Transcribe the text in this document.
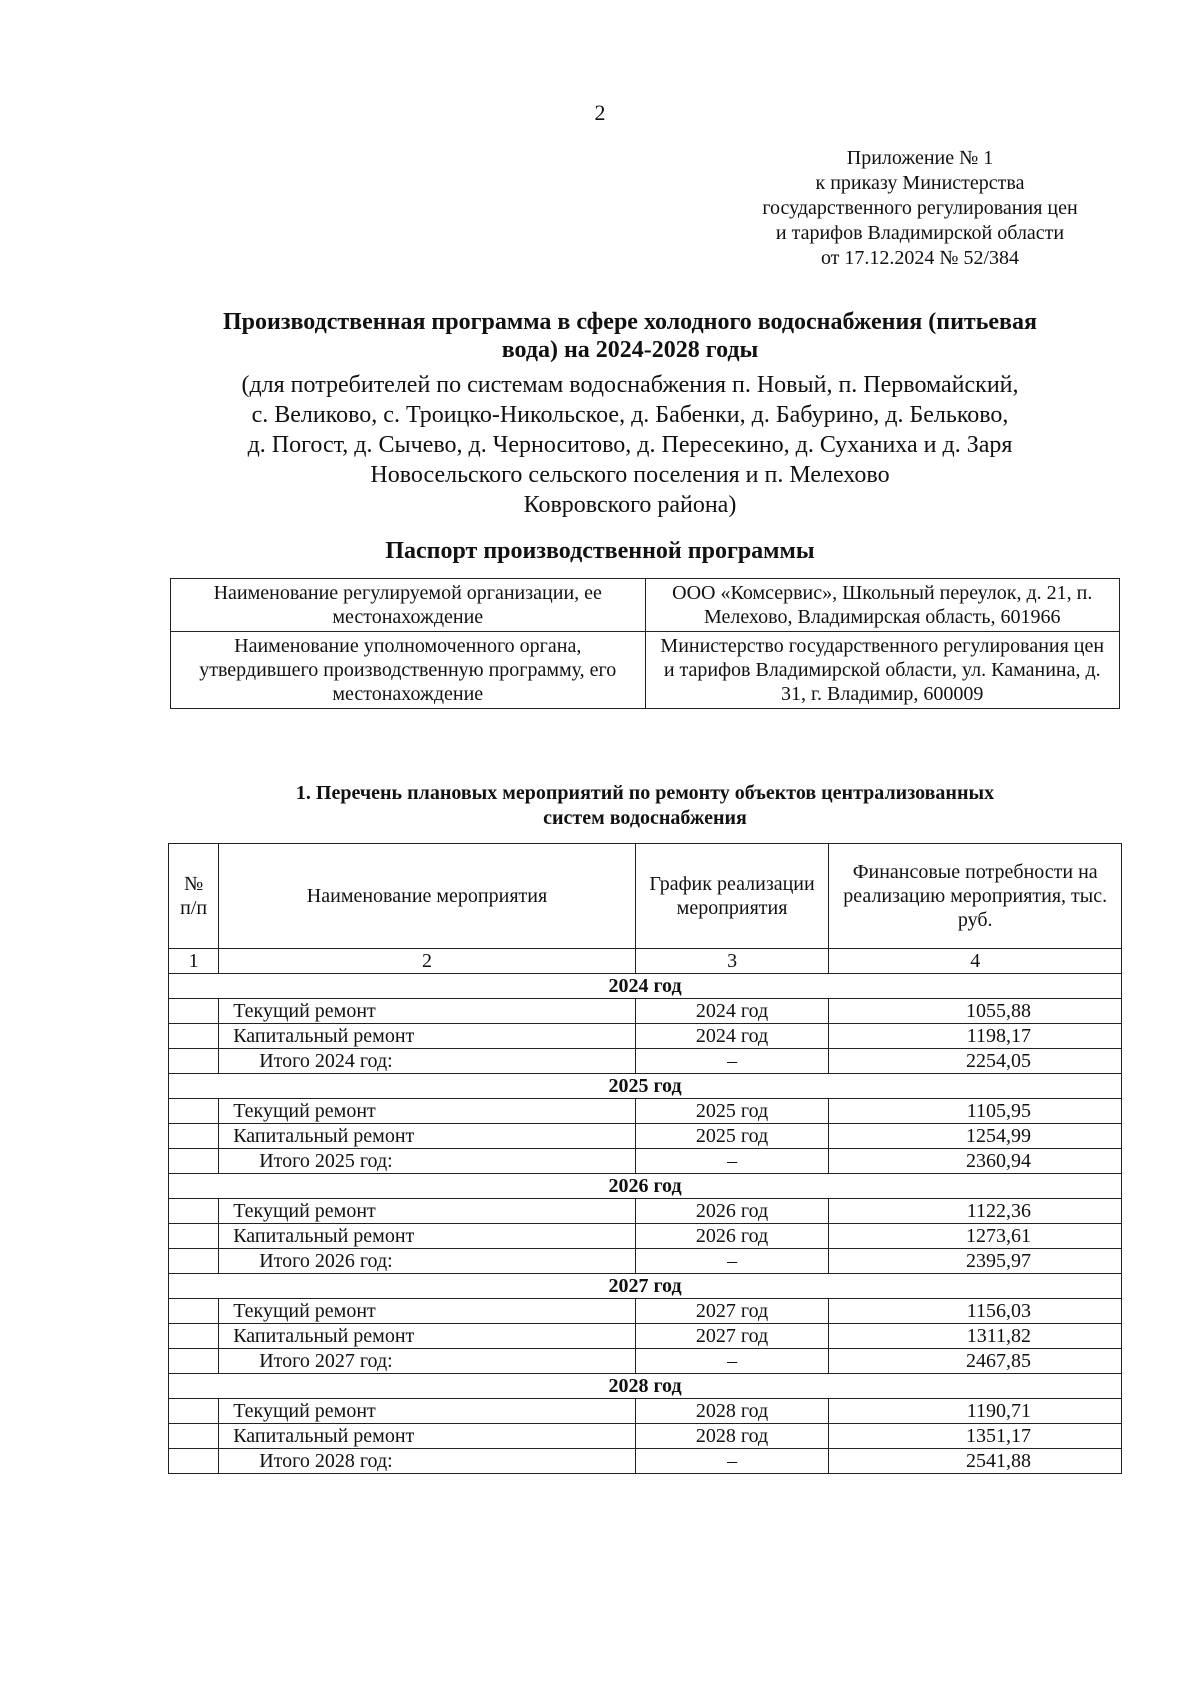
2
Приложение № 1
к приказу Министерства
государственного регулирования цен
и тарифов Владимирской области
от 17.12.2024 № 52/384
Производственная программа в сфере холодного водоснабжения (питьевая
вода) на 2024-2028 годы
(для потребителей по системам водоснабжения п. Новый, п. Первомайский,
с. Великово, с. Троицко-Никольское, д. Бабенки, д. Бабурино, д. Бельково,
д. Погост, д. Сычево, д. Черноситово, д. Пересекино, д. Суханиха и д. Заря
Новосельского сельского поселения и п. Мелехово
Ковровского района)
Паспорт производственной программы
Наименование регулируемой организации, ее местонахождение	ООО «Комсервис», Школьный переулок, д. 21, п. Мелехово, Владимирская область, 601966
Наименование уполномоченного органа, утвердившего производственную программу, его местонахождение	Министерство государственного регулирования цен и тарифов Владимирской области, ул. Каманина, д. 31, г. Владимир, 600009
1. Перечень плановых мероприятий по ремонту объектов централизованных
систем водоснабжения
№ п/п	Наименование мероприятия	График реализации мероприятия	Финансовые потребности на реализацию мероприятия, тыс. руб.
1	2	3	4
2024 год			
	Текущий ремонт	2024 год	1055,88
	Капитальный ремонт	2024 год	1198,17
	Итого 2024 год:	–	2254,05
2025 год			
	Текущий ремонт	2025 год	1105,95
	Капитальный ремонт	2025 год	1254,99
	Итого 2025 год:	–	2360,94
2026 год			
	Текущий ремонт	2026 год	1122,36
	Капитальный ремонт	2026 год	1273,61
	Итого 2026 год:	–	2395,97
2027 год			
	Текущий ремонт	2027 год	1156,03
	Капитальный ремонт	2027 год	1311,82
	Итого 2027 год:	–	2467,85
2028 год			
	Текущий ремонт	2028 год	1190,71
	Капитальный ремонт	2028 год	1351,17
	Итого 2028 год:	–	2541,88
